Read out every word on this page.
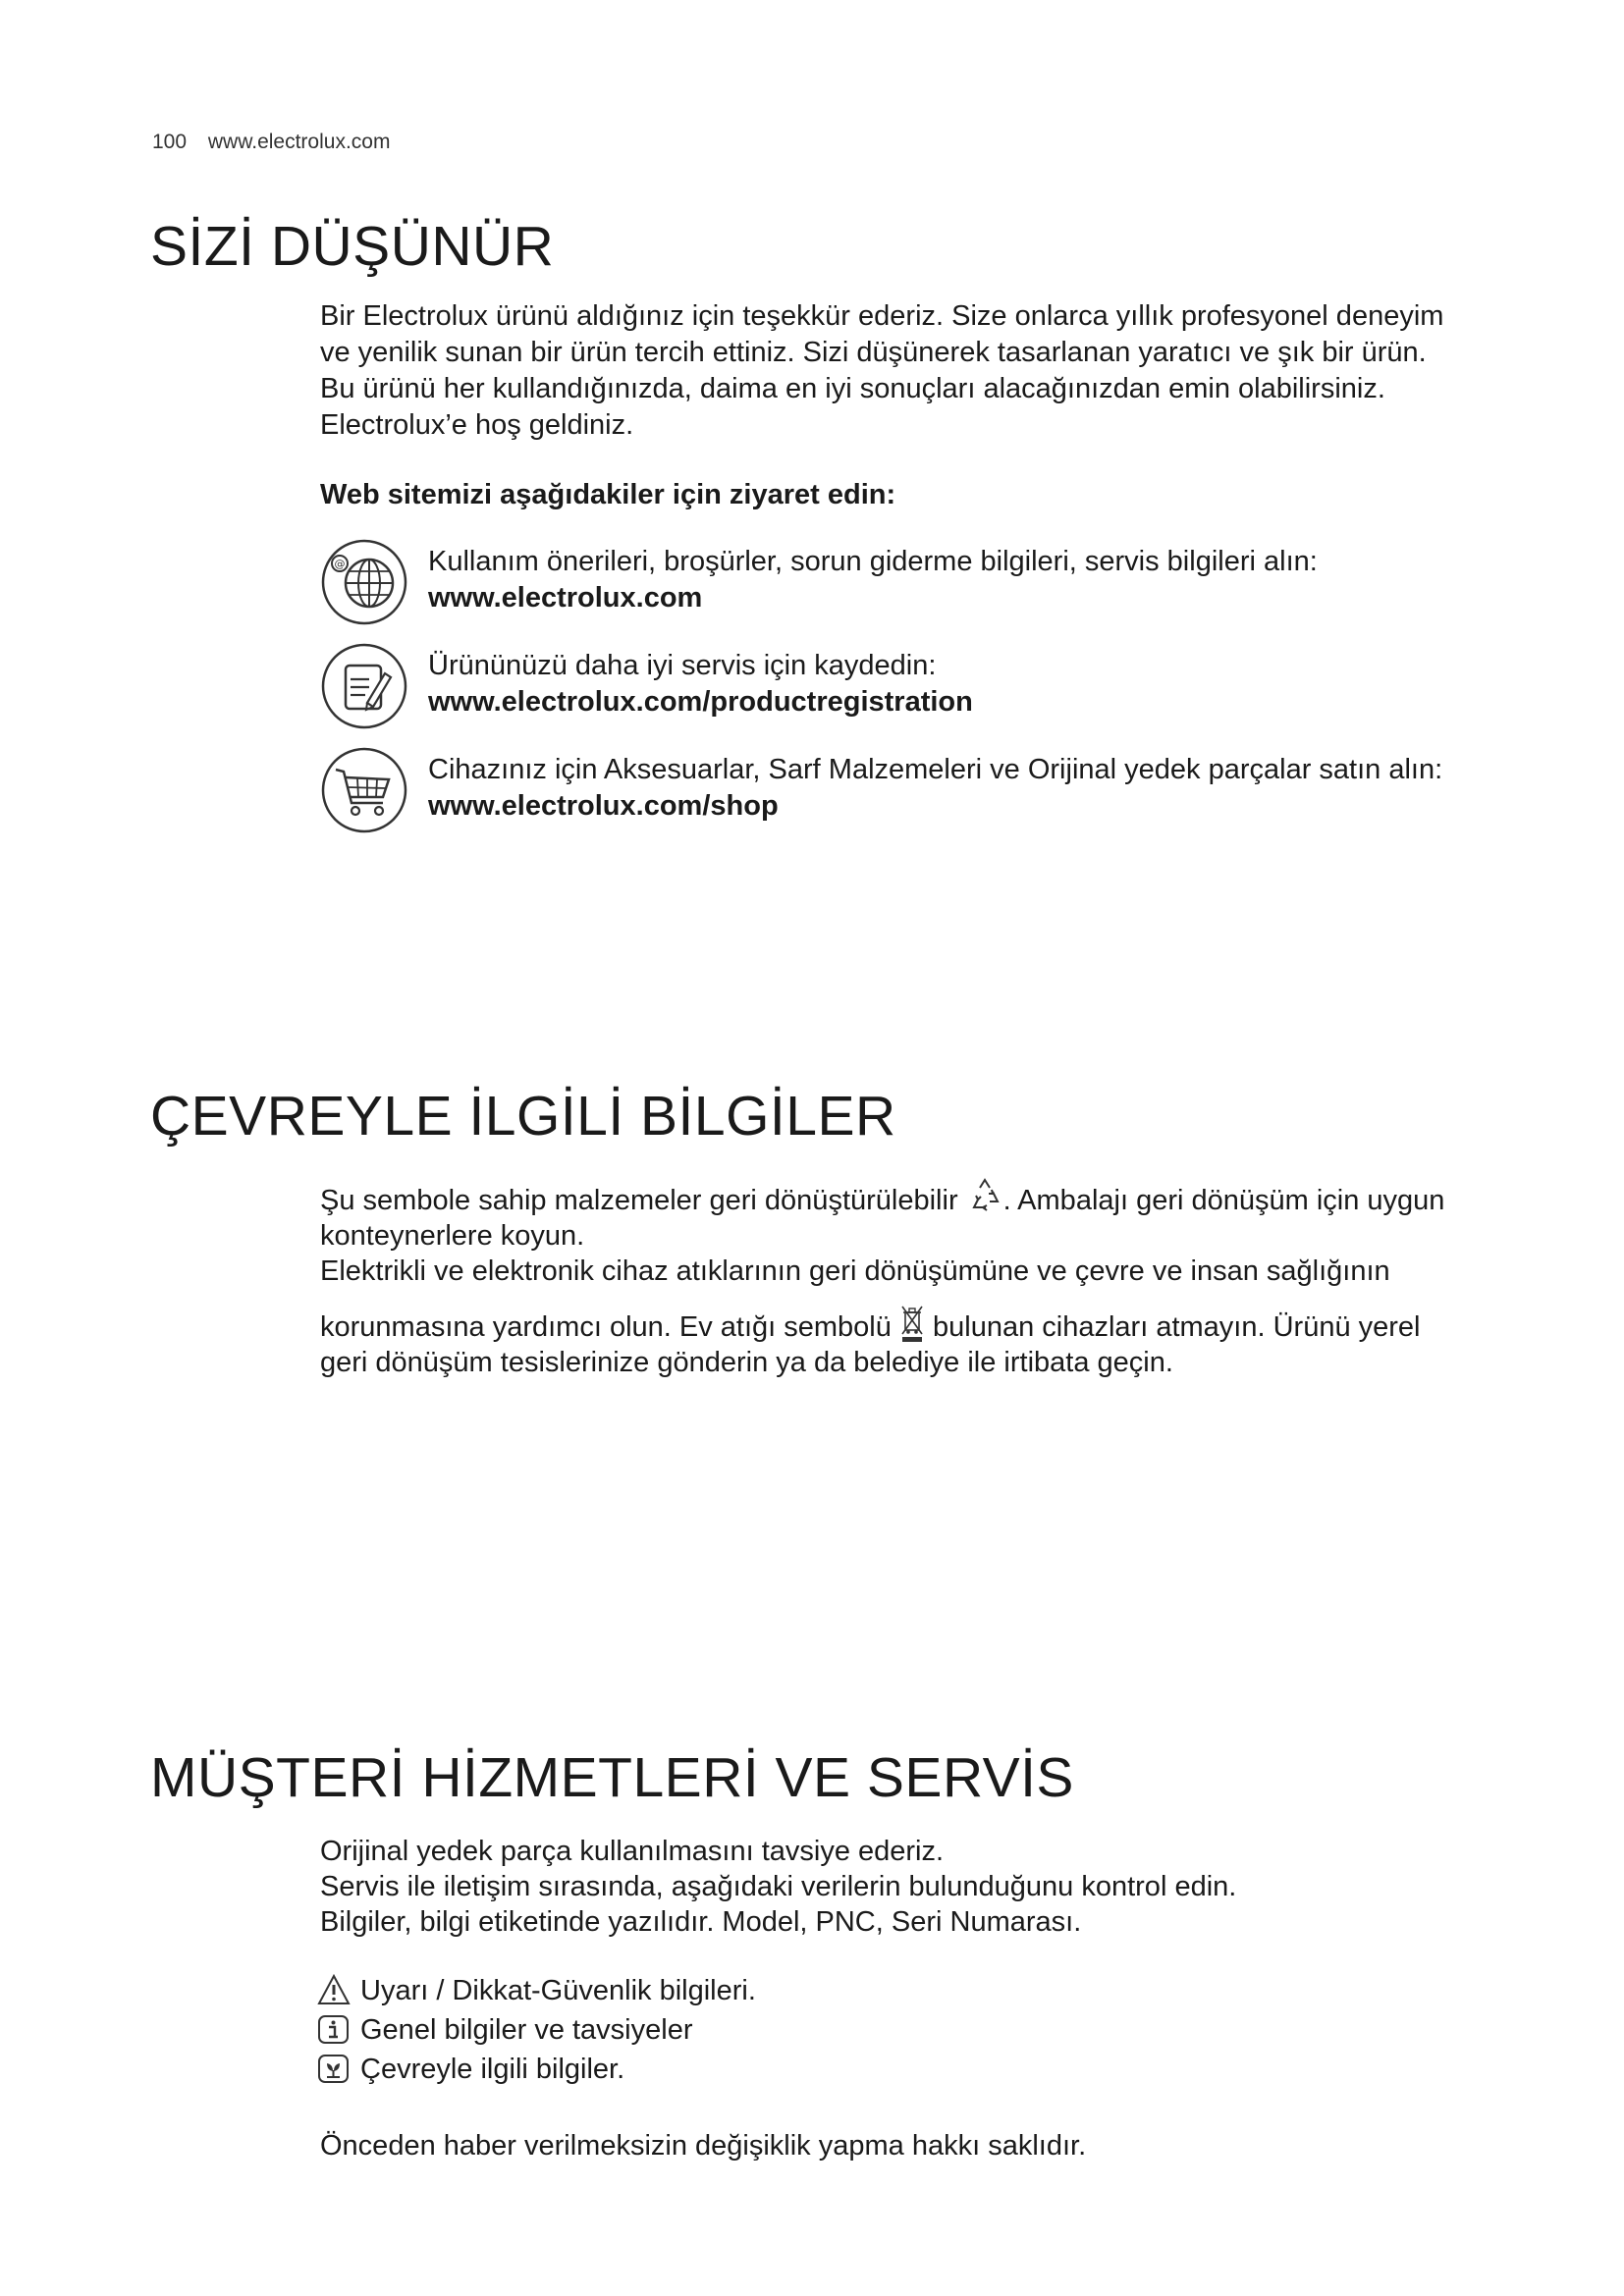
100 www.electrolux.com
SİZİ DÜŞÜNÜR

Bir Electrolux ürünü aldığınız için teşekkür ederiz. Size onlarca yıllık profesyonel deneyim

ve yenilik sunan bir ürün tercih ettiniz. Sizi düşünerek tasarlanan yaratıcı ve şık bir ürün.

Bu ürünü her kullandığınızda, daima en iyi sonuçları alacağınızdan emin olabilirsiniz.

Electrolux’e hoş geldiniz.

Web sitemizi aşağıdakiler için ziyaret edin:
@	Kullanım önerileri, broşürler, sorun giderme bilgileri, servis bilgileri alın:
www.electrolux.com
Ürününüzü daha iyi servis için kaydedin:
www.electrolux.com/productregistration
Cihazınız için Aksesuarlar, Sarf Malzemeleri ve Orijinal yedek parçalar satın alın:
www.electrolux.com/shop
ÇEVREYLE İLGİLİ BİLGİLER

Şu sembole sahip malzemeler geri dönüştürülebilir . Ambalajı geri dönüşüm için uygun

konteynerlere koyun.

Elektrikli ve elektronik cihaz atıklarının geri dönüşümüne ve çevre ve insan sağlığının

korunmasına yardımcı olun. Ev atığı sembolü bulunan cihazları atmayın. Ürünü yerel

geri dönüşüm tesislerinize gönderin ya da belediye ile irtibata geçin.

MÜŞTERİ HİZMETLERİ VE SERVİS

Orijinal yedek parça kullanılmasını tavsiye ederiz.

Servis ile iletişim sırasında, aşağıdaki verilerin bulunduğunu kontrol edin.

Bilgiler, bilgi etiketinde yazılıdır. Model, PNC, Seri Numarası.

Uyarı / Dikkat-Güvenlik bilgileri.
Genel bilgiler ve tavsiyeler
Çevreyle ilgili bilgiler.
Önceden haber verilmeksizin değişiklik yapma hakkı saklıdır.
